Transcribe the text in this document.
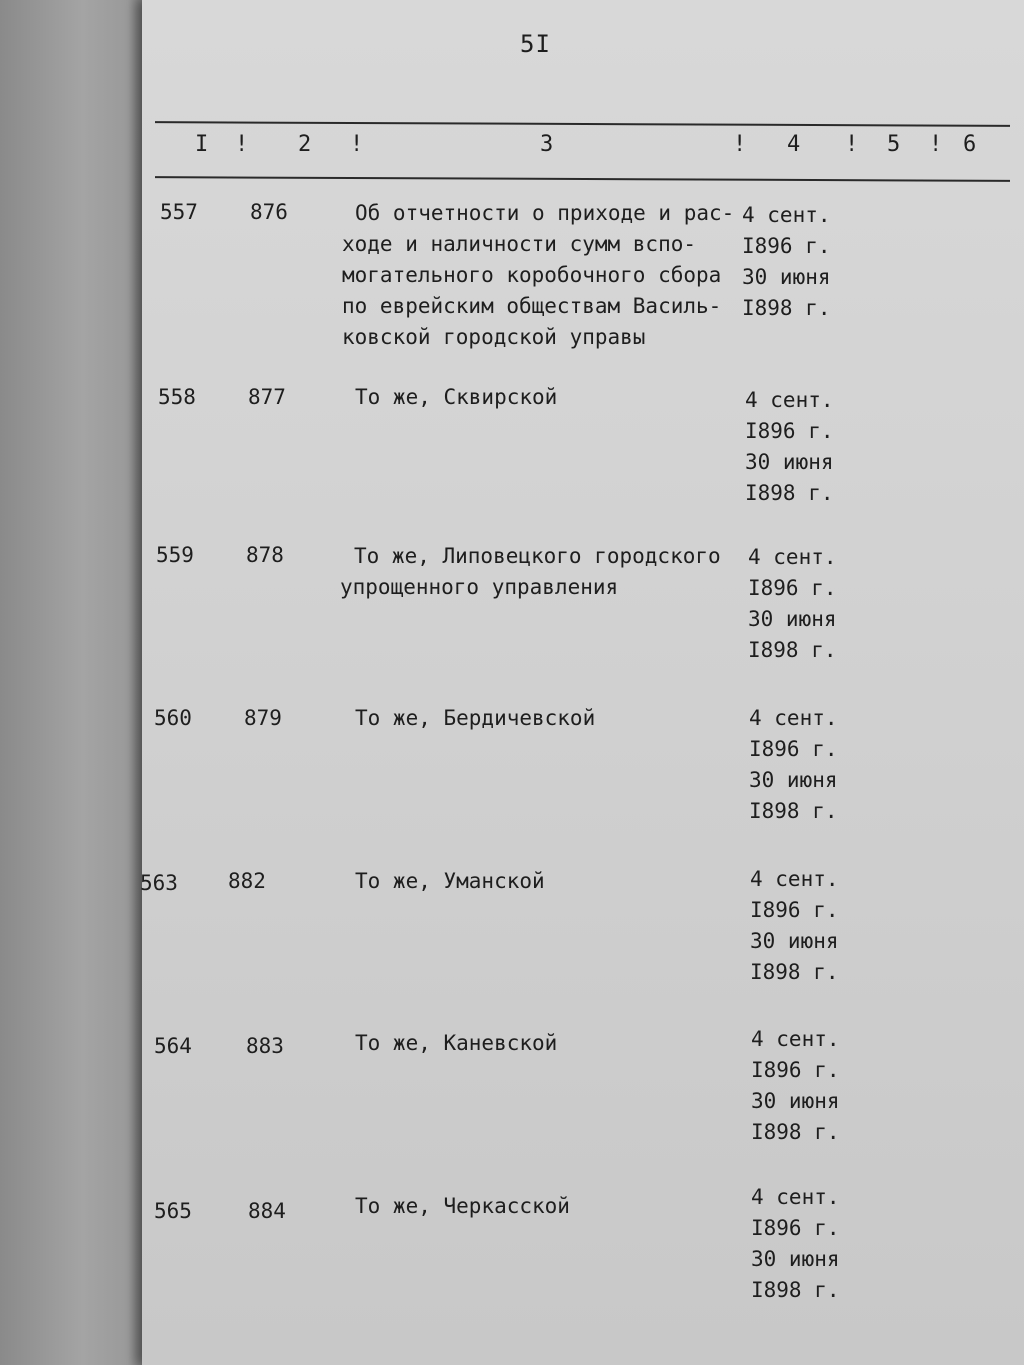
5I
I ! 2 !	3	! 4 ! 5 ! 6
557 876	Об отчетности о приходе и рас-
ходе и наличности сумм вспо-
могательного коробочного сбора
по еврейским обществам Василь-
ковской городской управы
4 сент.
I896 г.
30 июня
I898 г.
558 877	То же, Сквирской	4 сент.
I896 г.
30 июня
I898 г.
559 878	То же, Липовецкого городского
упрощенного управления
4 сент.
I896 г.
30 июня
I898 г.
560 879	То же, Бердичевской	4 сент.
I896 г.
30 июня
I898 г.
563 882	То же, Уманской	4 сент.
I896 г.
30 июня
I898 г.
564	883	То же, Каневской	4 сент.
I896 г.
30 июня
I898 г.
565	884	То же, Черкасской	4 сент.
I896 г.
30 июня
I898 г.
